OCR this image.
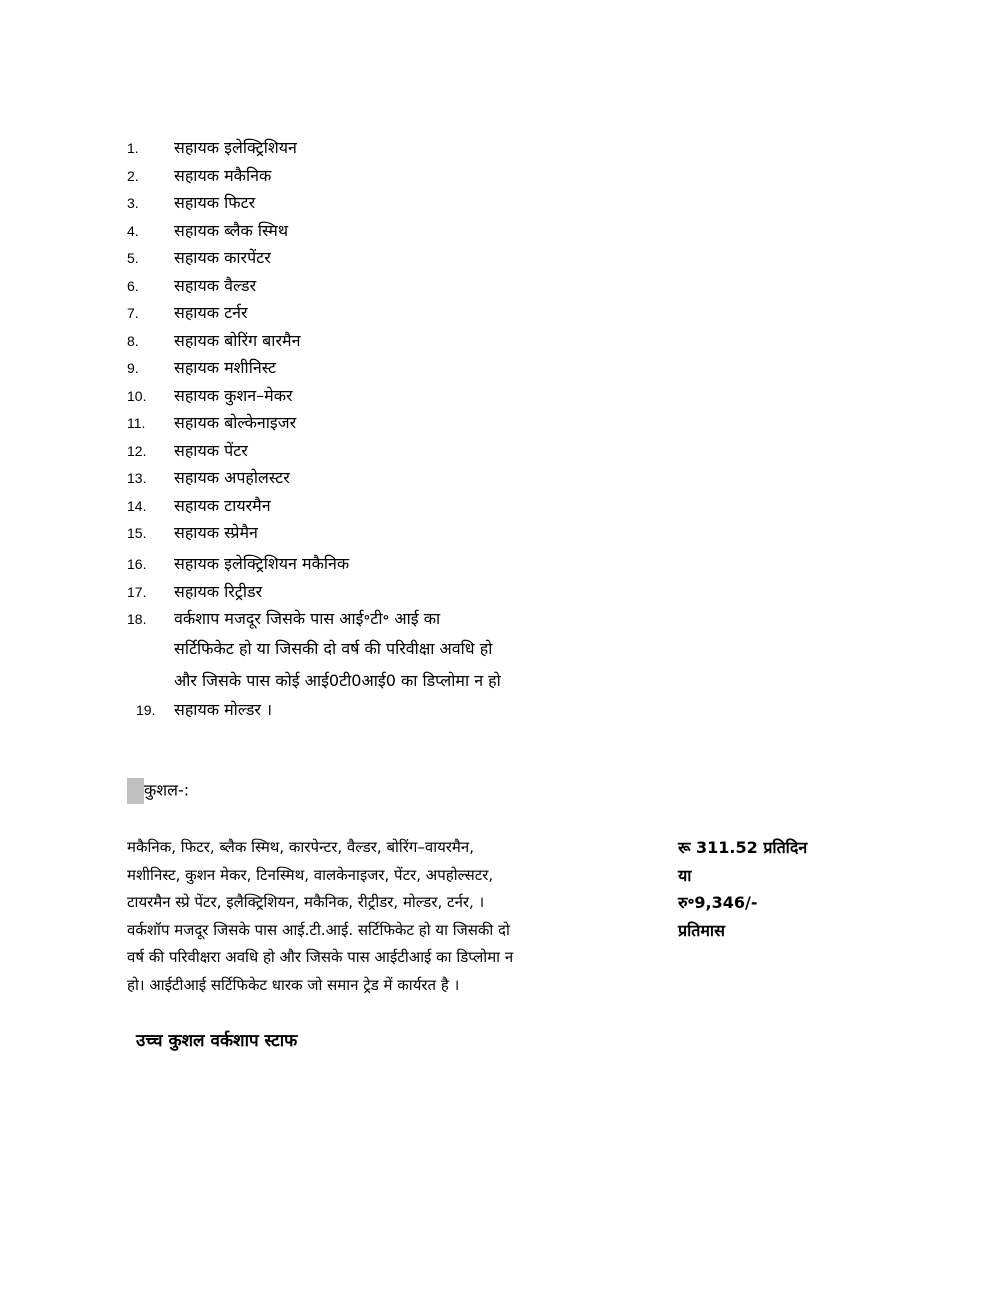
1. सहायक इलेक्ट्रिशियन
2. सहायक मकैनिक
3. सहायक फिटर
4. सहायक ब्लैक स्मिथ
5. सहायक कारपेंटर
6. सहायक वैल्डर
7. सहायक टर्नर
8. सहायक बोरिंग बारमैन
9. सहायक मशीनिस्ट
10. सहायक कुशन–मेकर
11. सहायक बोल्केनाइजर
12. सहायक पेंटर
13. सहायक अपहोलस्टर
14. सहायक टायरमैन
15. सहायक स्प्रेमैन
16. सहायक इलेक्ट्रिशियन मकैनिक
17. सहायक रिट्रीडर
18. वर्कशाप मजदूर जिसके पास आई॰टी॰ आई का
सर्टिफिकेट हो या जिसकी दो वर्ष की परिवीक्षा अवधि हो
और जिसके पास कोई आई0टी0आई0 का डिप्लोमा न हो
19. सहायक मोल्डर ।
कुशल-:
मकैनिक, फिटर, ब्लैक स्मिथ, कारपेन्टर, वैल्डर, बोरिंग–वायरमैन,
मशीनिस्ट, कुशन मेकर, टिनस्मिथ, वालकेनाइजर, पेंटर, अपहोल्सटर,
टायरमैन स्प्रे पेंटर, इलैक्ट्रिशियन, मकैनिक, रीट्रीडर, मोल्डर, टर्नर, ।
वर्कशॉप मजदूर जिसके पास आई.टी.आई. सर्टिफिकेट हो या जिसकी दो
वर्ष की परिवीक्षरा अवधि हो और जिसके पास आईटीआई का डिप्लोमा न
हो। आईटीआई सर्टिफिकेट धारक जो समान ट्रेड में कार्यरत है ।
रू 311.52 प्रतिदिन
या
रु॰9,346/-
प्रतिमास
उच्च कुशल वर्कशाप स्टाफ
